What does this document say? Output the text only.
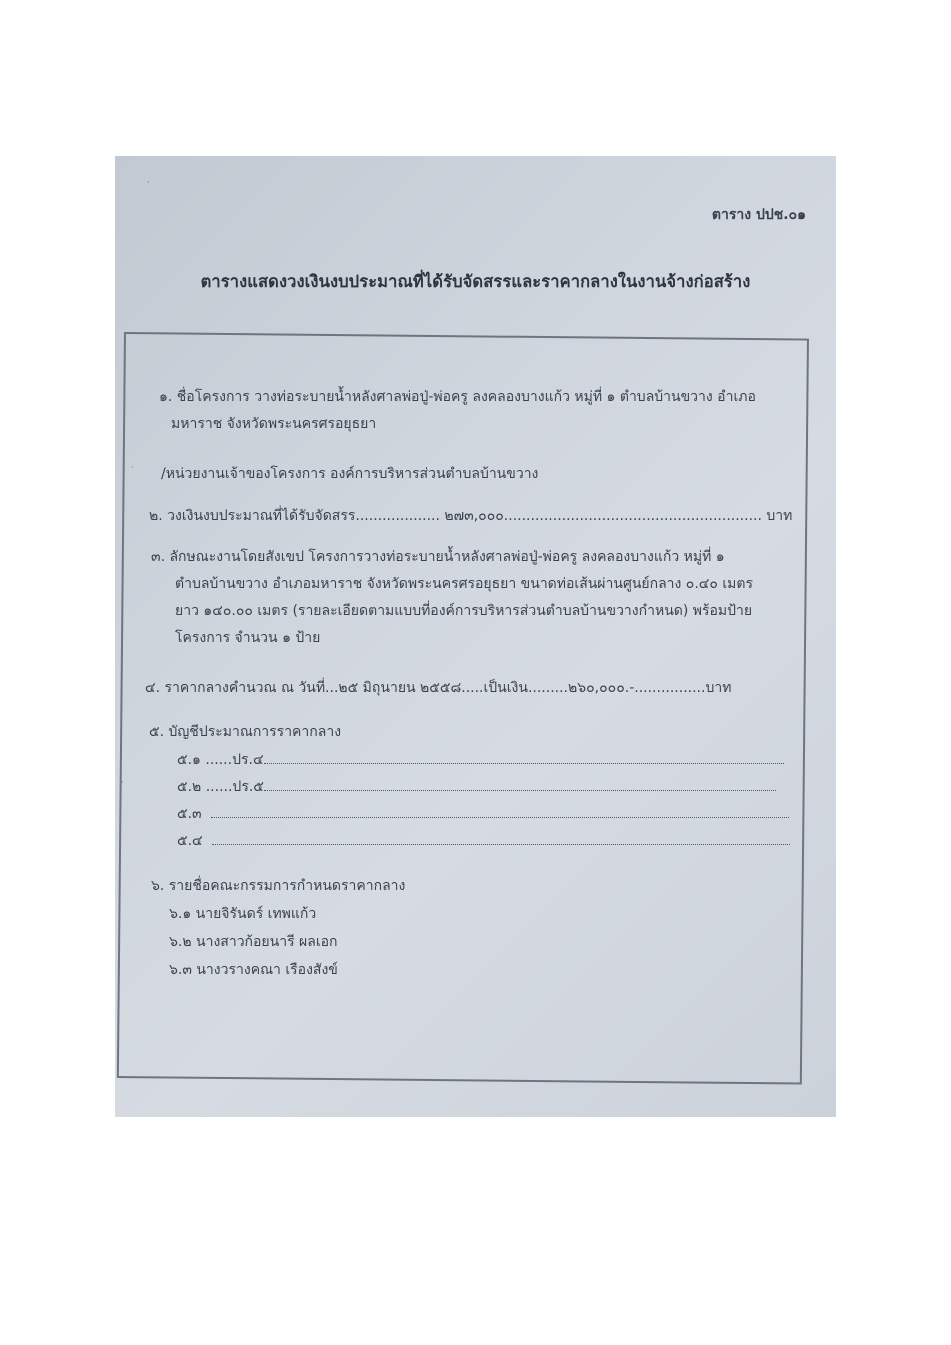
ตาราง ปปช.๐๑
ตารางแสดงวงเงินงบประมาณที่ได้รับจัดสรรและราคากลางในงานจ้างก่อสร้าง
·
·
·
๑. ชื่อโครงการ วางท่อระบายน้ำหลังศาลพ่อปู่-พ่อครู ลงคลองบางแก้ว หมู่ที่ ๑ ตำบลบ้านขวาง อำเภอ
มหาราช จังหวัดพระนครศรอยุธยา
/หน่วยงานเจ้าของโครงการ องค์การบริหารส่วนตำบลบ้านขวาง
๒. วงเงินงบประมาณที่ได้รับจัดสรร................... ๒๗๓,๐๐๐.......................................................... บาท
๓. ลักษณะงานโดยสังเขป โครงการวางท่อระบายน้ำหลังศาลพ่อปู่-พ่อครู ลงคลองบางแก้ว หมู่ที่ ๑
ตำบลบ้านขวาง อำเภอมหาราช จังหวัดพระนครศรอยุธยา ขนาดท่อเส้นผ่านศูนย์กลาง ๐.๔๐ เมตร
ยาว ๑๔๐.๐๐ เมตร (รายละเอียดตามแบบที่องค์การบริหารส่วนตำบลบ้านขวางกำหนด) พร้อมป้าย
โครงการ จำนวน ๑ ป้าย
๔. ราคากลางคำนวณ ณ วันที่...๒๕ มิถุนายน ๒๕๕๘.....เป็นเงิน.........๒๖๐,๐๐๐.-................บาท
๕. บัญชีประมาณการราคากลาง
๕.๑ ......ปร.๔
๕.๒ ......ปร.๕
๕.๓
๕.๔
๖. รายชื่อคณะกรรมการกำหนดราคากลาง
๖.๑ นายจิรันดร์ เทพแก้ว
๖.๒ นางสาวก้อยนารี ผลเอก
๖.๓ นางวรางคณา เรืองสังข์
